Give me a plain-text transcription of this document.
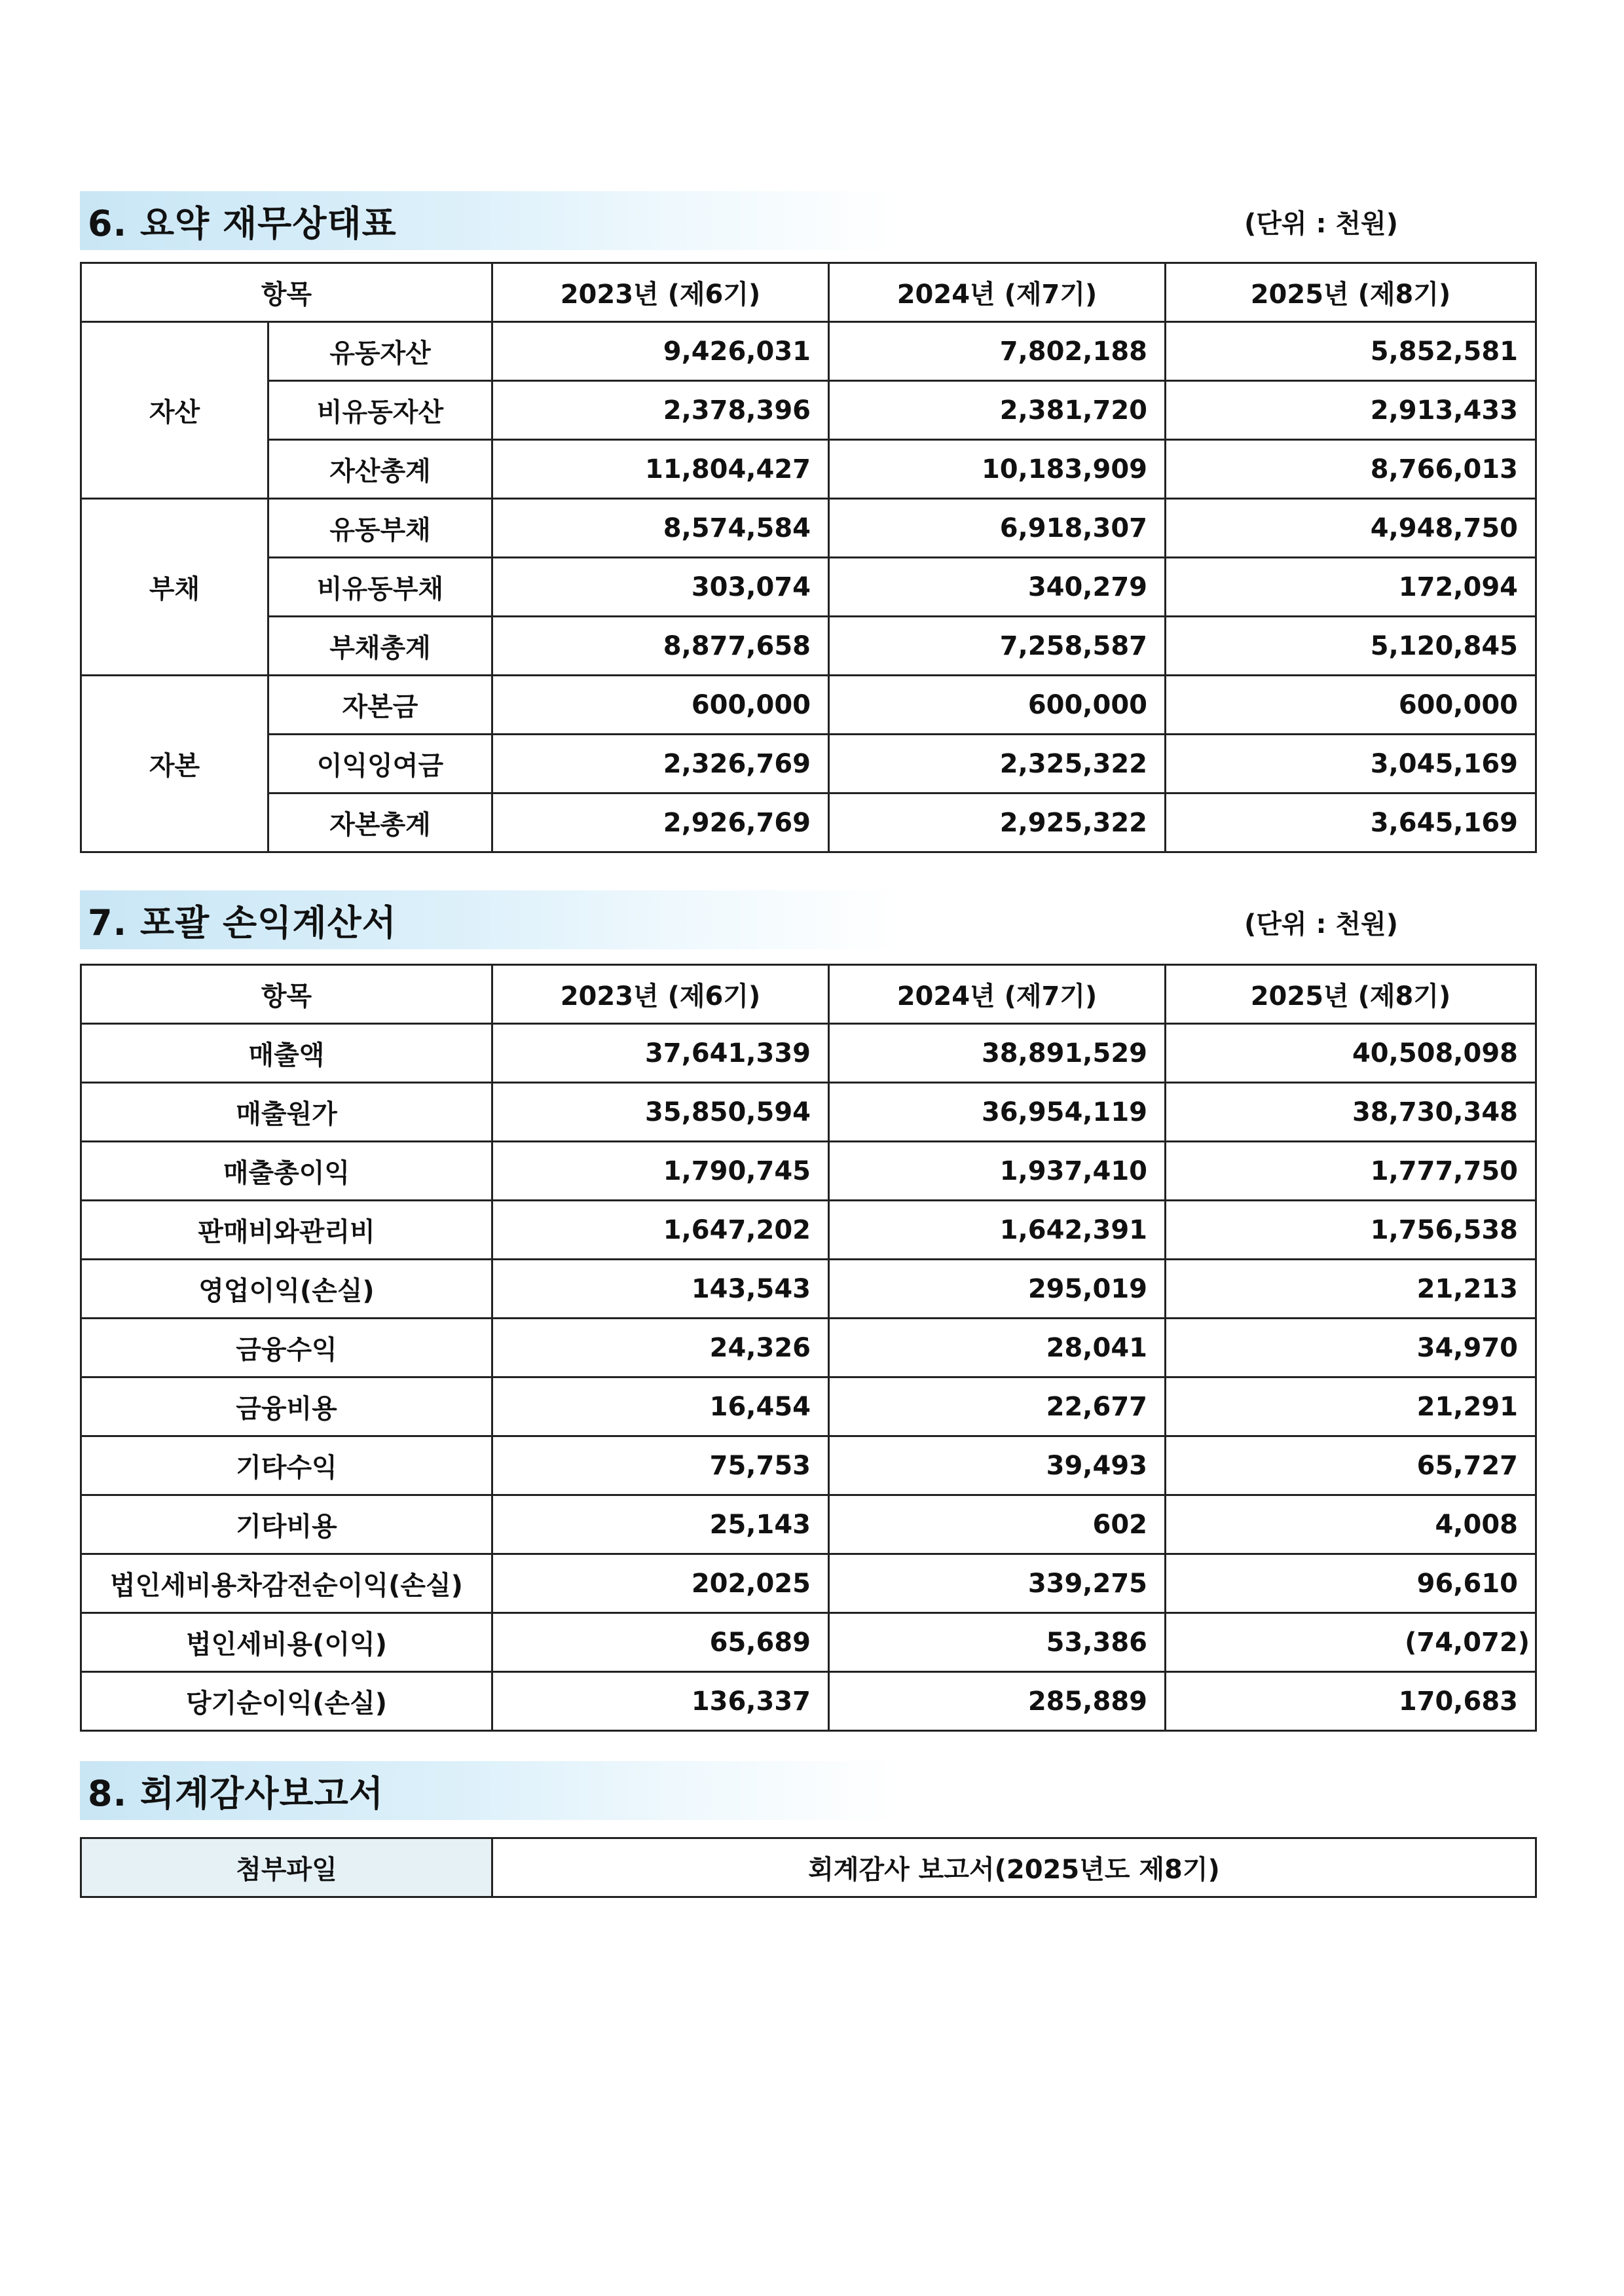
6. 요약 재무상태표	(단위 : 천원)
항목		2023년 (제6기)	2024년 (제7기)	2025년 (제8기)
자산	유동자산	9,426,031	7,802,188	5,852,581
	비유동자산	2,378,396	2,381,720	2,913,433
	자산총계	11,804,427	10,183,909	8,766,013
부채	유동부채	8,574,584	6,918,307	4,948,750
	비유동부채	303,074	340,279	172,094
	부채총계	8,877,658	7,258,587	5,120,845
자본	자본금	600,000	600,000	600,000
	이익잉여금	2,326,769	2,325,322	3,045,169
	자본총계	2,926,769	2,925,322	3,645,169
7. 포괄 손익계산서	(단위 : 천원)
항목	2023년 (제6기)	2024년 (제7기)	2025년 (제8기)
매출액	37,641,339	38,891,529	40,508,098
매출원가	35,850,594	36,954,119	38,730,348
매출총이익	1,790,745	1,937,410	1,777,750
판매비와관리비	1,647,202	1,642,391	1,756,538
영업이익(손실)	143,543	295,019	21,213
금융수익	24,326	28,041	34,970
금융비용	16,454	22,677	21,291
기타수익	75,753	39,493	65,727
기타비용	25,143	602	4,008
법인세비용차감전순이익(손실)	202,025	339,275	96,610
법인세비용(이익)	65,689	53,386	(74,072)
당기순이익(손실)	136,337	285,889	170,683
8. 회계감사보고서
첨부파일	회계감사 보고서(2025년도 제8기)
